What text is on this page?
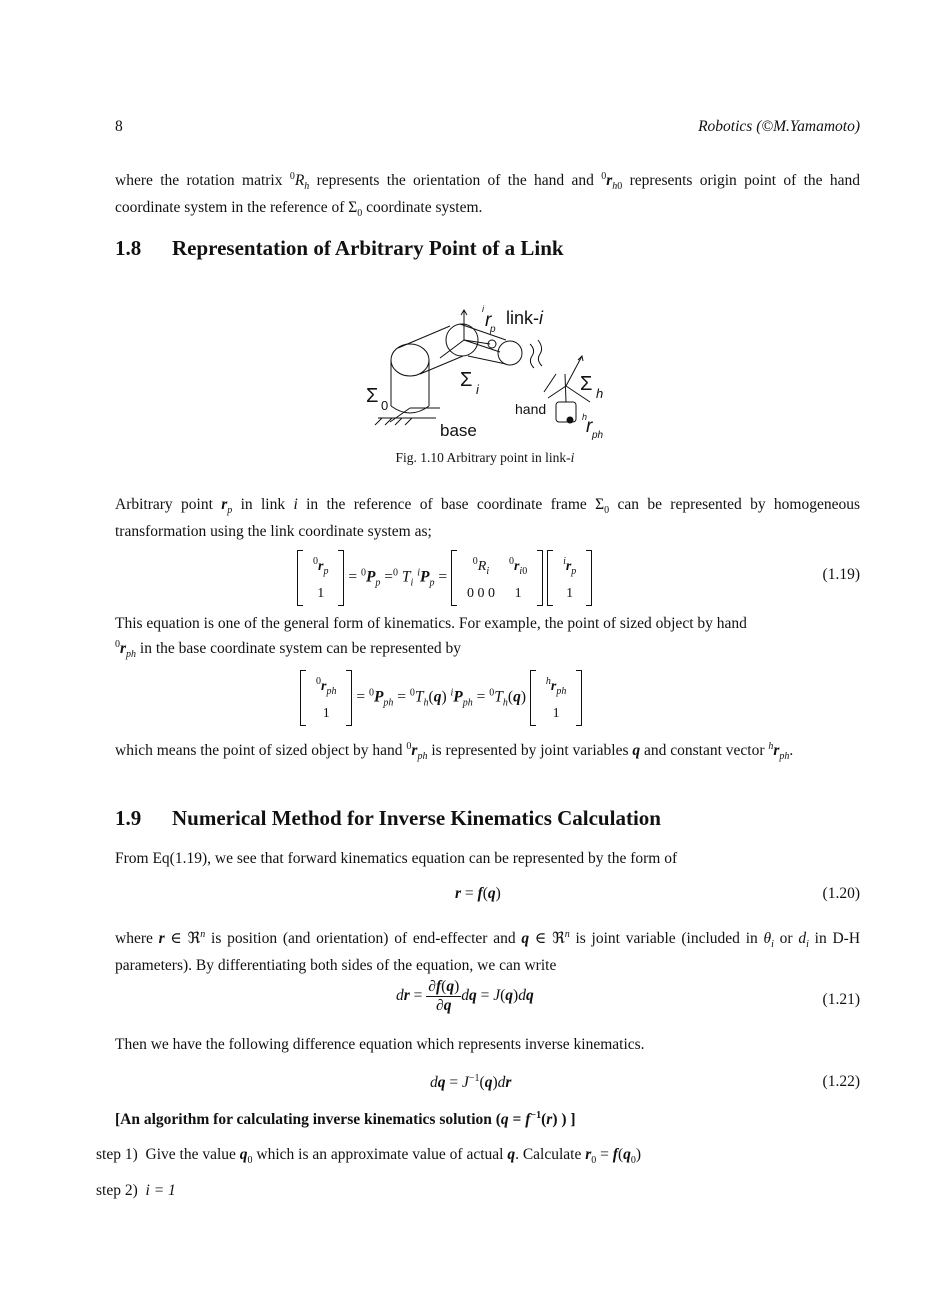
8	Robotics (©M.Yamamoto)
where the rotation matrix $^0R_h$ represents the orientation of the hand and $^0r_{h0}$ represents origin point of the hand coordinate system in the reference of $\Sigma_0$ coordinate system.
1.8 Representation of Arbitrary Point of a Link
i
r
p
link-i
Σ i
Σ 0
base
hand
Σ h
h
r ph
Fig. 1.10 Arbitrary point in link-i
Arbitrary point $r_p$ in link i in the reference of base coordinate frame $\Sigma_0$ can be represented by homogeneous transformation using the link coordinate system as;
$^0r_p$
1
= $^0P_p =^0$ $T_i$ $^iP_p$ =
$^0R_i$	$^0r_{i0}$
0 0 0	1

$^ir_p$
1
(1.19)
This equation is one of the general form of kinematics. For example, the point of sized object by hand
$^0r_{ph}$ in the base coordinate system can be represented by
$^0r_{ph}$
1
= $^0P_{ph} = ^0T_h(q) ^iP_{ph} = ^0T_h(q)$
$^hr_{ph}$
1
which means the point of sized object by hand $^0r_{ph}$ is represented by joint variables q and constant vector $^hr_{ph}$.
1.9 Numerical Method for Inverse Kinematics Calculation
From Eq(1.19), we see that forward kinematics equation can be represented by the form of
r = f(q)	(1.20)
where r ∈ ℜ$^n$ is position (and orientation) of end-effecter and q ∈ ℜ$^n$ is joint variable (included in $\theta_i$ or $d_i$ in D-H parameters). By differentiating both sides of the equation, we can write
dr = $\frac{\partial f(q)}{\partial q}$ dq = J(q)dq	(1.21)
Then we have the following difference equation which represents inverse kinematics.
dq = $J^{-1}(q)dr$	(1.22)
[An algorithm for calculating inverse kinematics solution ($q = f^{-1}(r)$ ) ]
step 1) Give the value $q_0$ which is an approximate value of actual q. Calculate $r_0 = f(q_0)$
step 2) i = 1
